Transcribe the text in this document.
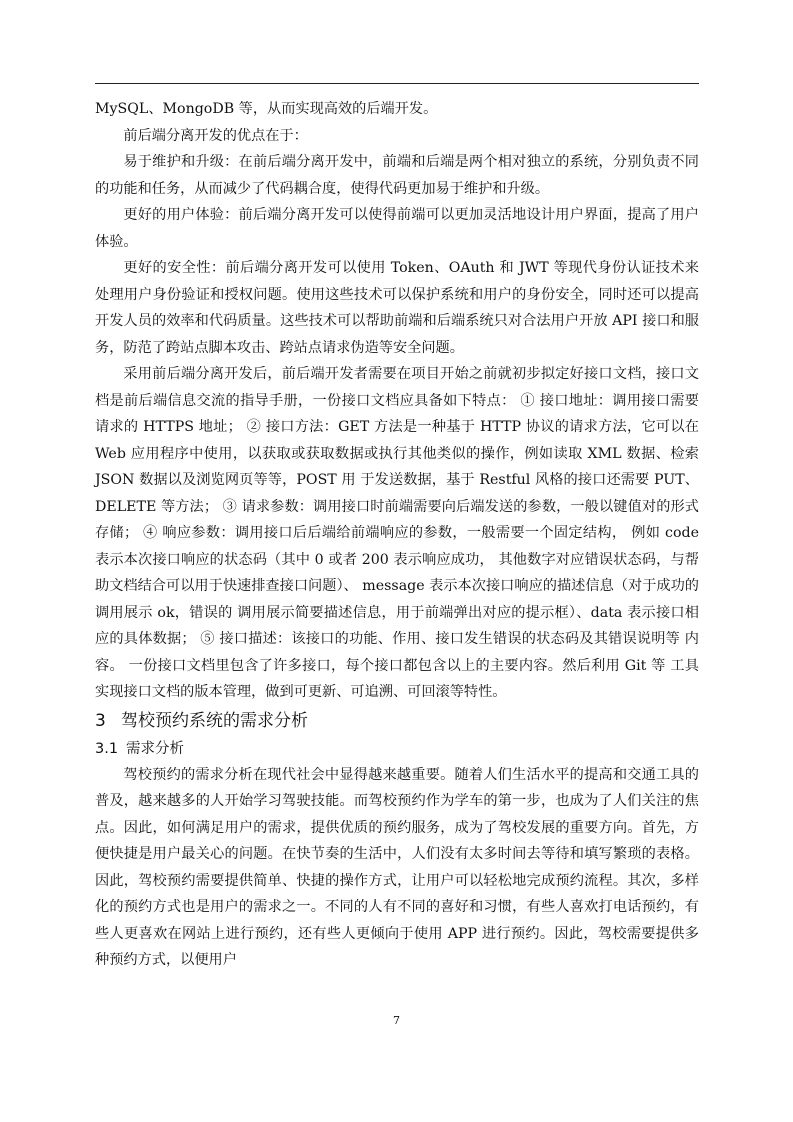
MySQL、MongoDB 等，从而实现高效的后端开发。

前后端分离开发的优点在于：

易于维护和升级：在前后端分离开发中，前端和后端是两个相对独立的系统，分别负责不同的功能和任务，从而减少了代码耦合度，使得代码更加易于维护和升级。

更好的用户体验：前后端分离开发可以使得前端可以更加灵活地设计用户界面，提高了用户体验。

更好的安全性：前后端分离开发可以使用 Token、OAuth 和 JWT 等现代身份认证技术来处理用户身份验证和授权问题。使用这些技术可以保护系统和用户的身份安全，同时还可以提高开发人员的效率和代码质量。这些技术可以帮助前端和后端系统只对合法用户开放 API 接口和服务，防范了跨站点脚本攻击、跨站点请求伪造等安全问题。

采用前后端分离开发后，前后端开发者需要在项目开始之前就初步拟定好接口文档，接口文档是前后端信息交流的指导手册，一份接口文档应具备如下特点： ① 接口地址：调用接口需要请求的 HTTPS 地址； ② 接口方法：GET 方法是一种基于 HTTP 协议的请求方法，它可以在 Web 应用程序中使用，以获取或获取数据或执行其他类似的操作，例如读取 XML 数据、检索 JSON 数据以及浏览网页等等，POST 用 于发送数据，基于 Restful 风格的接口还需要 PUT、DELETE 等方法； ③ 请求参数：调用接口时前端需要向后端发送的参数，一般以键值对的形式 存储； ④ 响应参数：调用接口后后端给前端响应的参数，一般需要一个固定结构， 例如 code 表示本次接口响应的状态码（其中 0 或者 200 表示响应成功， 其他数字对应错误状态码，与帮助文档结合可以用于快速排查接口问题）、 message 表示本次接口响应的描述信息（对于成功的调用展示 ok，错误的 调用展示简要描述信息，用于前端弹出对应的提示框）、data 表示接口相 应的具体数据； ⑤ 接口描述：该接口的功能、作用、接口发生错误的状态码及其错误说明等 内容。 一份接口文档里包含了许多接口，每个接口都包含以上的主要内容。然后利用 Git 等 工具实现接口文档的版本管理，做到可更新、可追溯、可回滚等特性。

3 驾校预约系统的需求分析
3.1 需求分析

驾校预约的需求分析在现代社会中显得越来越重要。随着人们生活水平的提高和交通工具的普及，越来越多的人开始学习驾驶技能。而驾校预约作为学车的第一步，也成为了人们关注的焦点。因此，如何满足用户的需求，提供优质的预约服务，成为了驾校发展的重要方向。首先，方便快捷是用户最关心的问题。在快节奏的生活中，人们没有太多时间去等待和填写繁琐的表格。因此，驾校预约需要提供简单、快捷的操作方式，让用户可以轻松地完成预约流程。其次，多样化的预约方式也是用户的需求之一。不同的人有不同的喜好和习惯，有些人喜欢打电话预约，有些人更喜欢在网站上进行预约，还有些人更倾向于使用 APP 进行预约。因此，驾校需要提供多种预约方式，以便用户

7
